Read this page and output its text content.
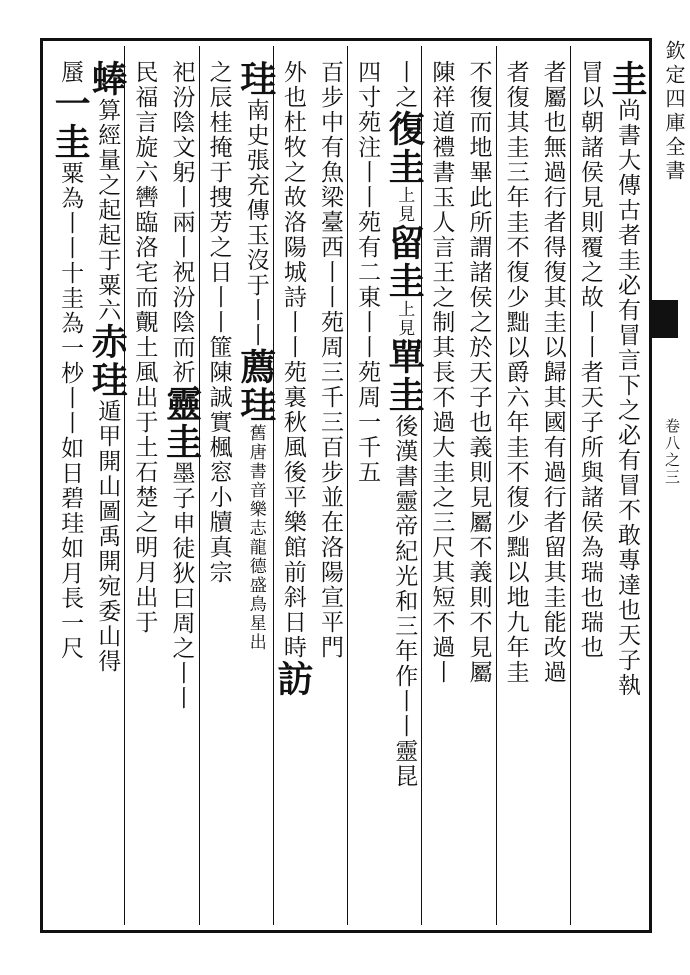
欽定四庫全書
卷八之三
圭尚書大傳古者圭必有冒言下之必有冒不敢專達也天子執
冒以朝諸侯見則覆之故丨丨者天子所與諸侯為瑞也瑞也
者屬也無過行者得復其圭以歸其國有過行者留其圭能改過
者復其圭三年圭不復少黜以爵六年圭不復少黜以地九年圭
不復而地畢此所謂諸侯之於天子也義則見屬不義則不見屬
陳祥道禮書玉人言王之制其長不過大圭之三尺其短不過丨
丨之復圭上見留圭上見單圭後漢書靈帝紀光和三年作丨丨靈昆
四寸苑注丨丨苑有二東丨丨苑周一千五
百步中有魚梁臺西丨丨苑周三千三百步並在洛陽宣平門
外也杜牧之故洛陽城詩丨丨苑裏秋風後平樂館前斜日時訪
珪南史張充傳玉沒于丨丨薦珪舊唐書音樂志龍德盛鳥星出
之辰桂掩于捜芳之日丨丨篚陳誠實楓窓小牘真宗
祀汾陰文躬丨兩丨祝汾陰而祈靈圭墨子申徒狄曰周之丨丨
民福言旋六轡臨洛宅而覿土風出于土石楚之明月出于
蜯算經量之起起于粟六赤珪遁甲開山圖禹開宛委山得
蜃一圭粟為丨丨十圭為一杪丨丨如日碧珪如月長一尺
